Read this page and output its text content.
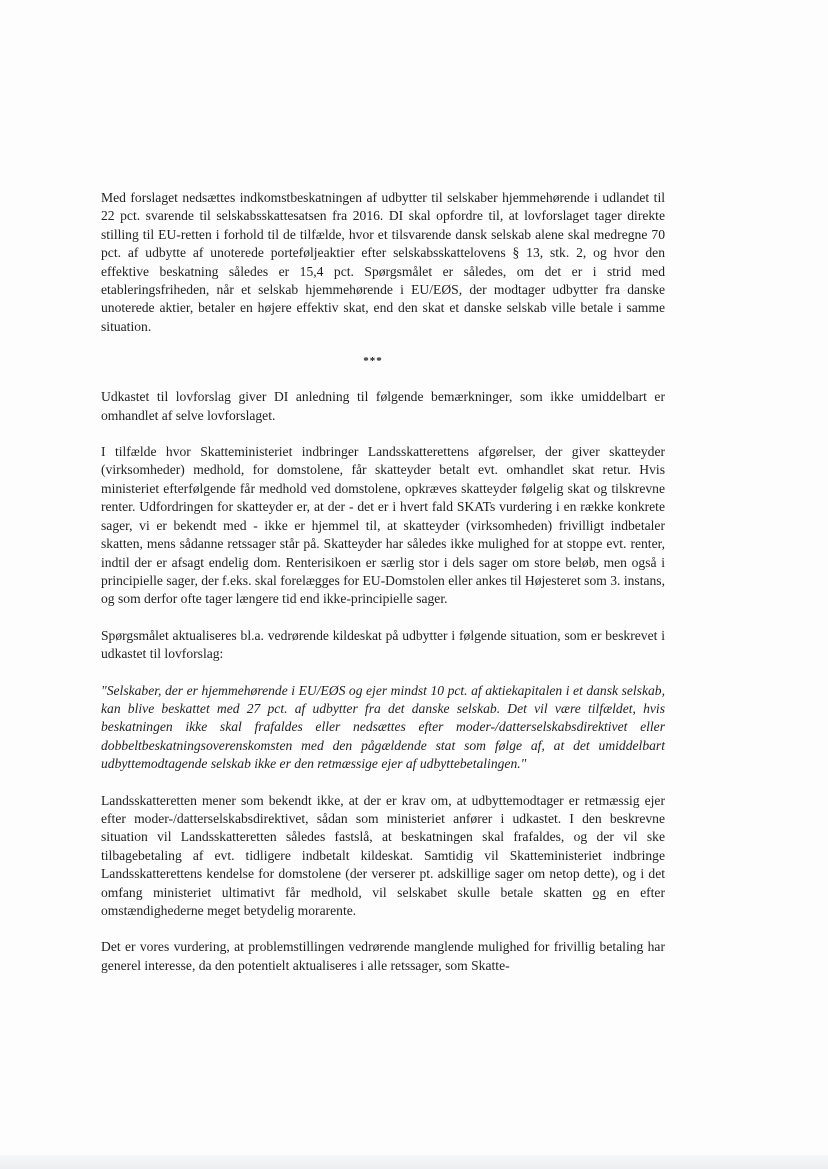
Med forslaget nedsættes indkomstbeskatningen af udbytter til selskaber hjemmehørende i udlandet til 22 pct. svarende til selskabsskattesatsen fra 2016. DI skal opfordre til, at lovforslaget tager direkte stilling til EU-retten i forhold til de tilfælde, hvor et tilsvarende dansk selskab alene skal medregne 70 pct. af udbytte af unoterede porteføljeaktier efter selskabsskattelovens § 13, stk. 2, og hvor den effektive beskatning således er 15,4 pct. Spørgsmålet er således, om det er i strid med etableringsfriheden, når et selskab hjemmehørende i EU/EØS, der modtager udbytter fra danske unoterede aktier, betaler en højere effektiv skat, end den skat et danske selskab ville betale i samme situation.

***

Udkastet til lovforslag giver DI anledning til følgende bemærkninger, som ikke umiddelbart er omhandlet af selve lovforslaget.

I tilfælde hvor Skatteministeriet indbringer Landsskatterettens afgørelser, der giver skatteyder (virksomheder) medhold, for domstolene, får skatteyder betalt evt. omhandlet skat retur. Hvis ministeriet efterfølgende får medhold ved domstolene, opkræves skatteyder følgelig skat og tilskrevne renter. Udfordringen for skatteyder er, at der - det er i hvert fald SKATs vurdering i en række konkrete sager, vi er bekendt med - ikke er hjemmel til, at skatteyder (virksomheden) frivilligt indbetaler skatten, mens sådanne retssager står på. Skatteyder har således ikke mulighed for at stoppe evt. renter, indtil der er afsagt endelig dom. Renterisikoen er særlig stor i dels sager om store beløb, men også i principielle sager, der f.eks. skal forelægges for EU-Domstolen eller ankes til Højesteret som 3. instans, og som derfor ofte tager længere tid end ikke-principielle sager.

Spørgsmålet aktualiseres bl.a. vedrørende kildeskat på udbytter i følgende situation, som er beskrevet i udkastet til lovforslag:

"Selskaber, der er hjemmehørende i EU/EØS og ejer mindst 10 pct. af aktiekapitalen i et dansk selskab, kan blive beskattet med 27 pct. af udbytter fra det danske selskab. Det vil være tilfældet, hvis beskatningen ikke skal frafaldes eller nedsættes efter moder-/datterselskabsdirektivet eller dobbeltbeskatningsoverenskomsten med den pågældende stat som følge af, at det umiddelbart udbyttemodtagende selskab ikke er den retmæssige ejer af udbyttebetalingen."

Landsskatteretten mener som bekendt ikke, at der er krav om, at udbyttemodtager er retmæssig ejer efter moder-/datterselskabsdirektivet, sådan som ministeriet anfører i udkastet. I den beskrevne situation vil Landsskatteretten således fastslå, at beskatningen skal frafaldes, og der vil ske tilbagebetaling af evt. tidligere indbetalt kildeskat. Samtidig vil Skatteministeriet indbringe Landsskatterettens kendelse for domstolene (der verserer pt. adskillige sager om netop dette), og i det omfang ministeriet ultimativt får medhold, vil selskabet skulle betale skatten og en efter omstændighederne meget betydelig morarente.

Det er vores vurdering, at problemstillingen vedrørende manglende mulighed for frivillig betaling har generel interesse, da den potentielt aktualiseres i alle retssager, som Skatte-
